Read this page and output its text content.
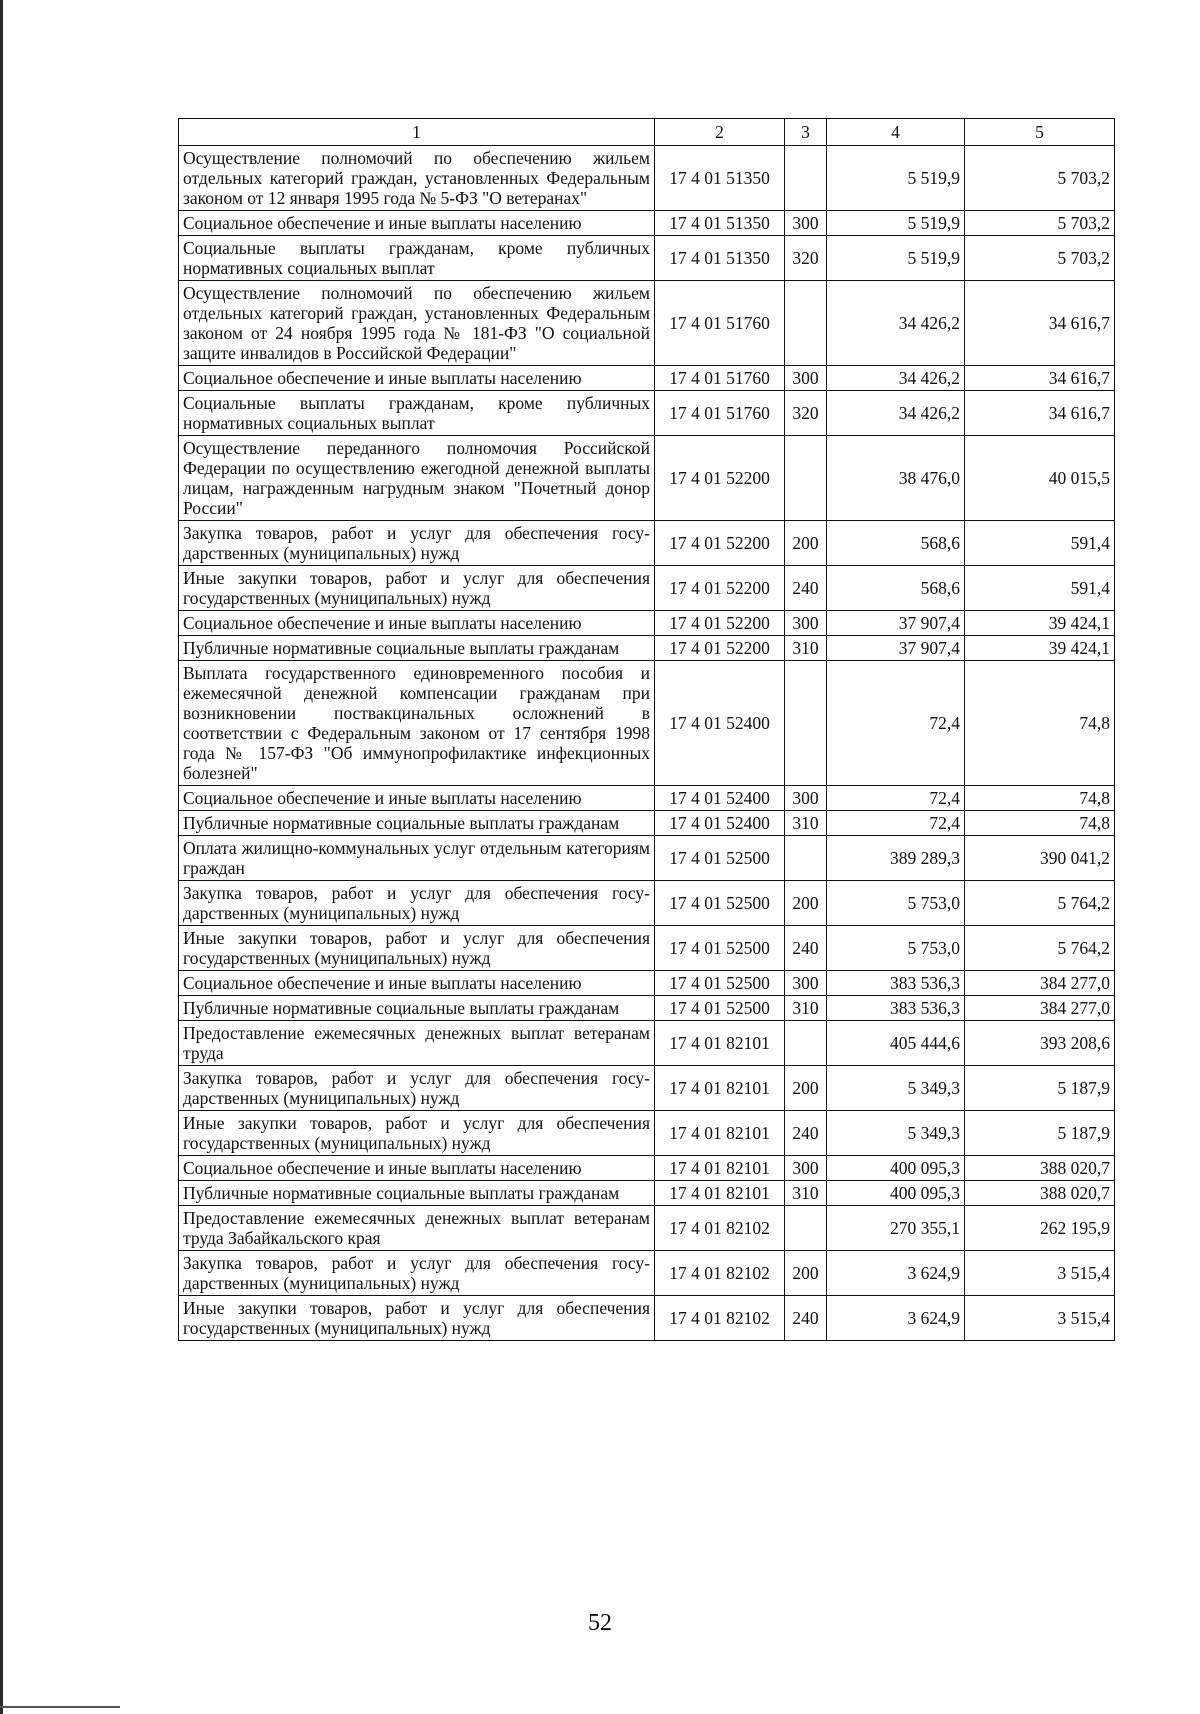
1	2	3	4	5
Осуществление полномочий по обеспечению жильем отдельных категорий граждан, установленных Федеральным законом от 12 января 1995 года № 5-ФЗ "О ветеранах"	17 4 01 51350		5 519,9	5 703,2
Социальное обеспечение и иные выплаты населению	17 4 01 51350	300	5 519,9	5 703,2
Социальные выплаты гражданам, кроме публичных нормативных социальных выплат	17 4 01 51350	320	5 519,9	5 703,2
Осуществление полномочий по обеспечению жильем отдельных категорий граждан, установленных Федеральным законом от 24 ноября 1995 года № 181-ФЗ "О социальной защите инвалидов в Российской Федерации"	17 4 01 51760		34 426,2	34 616,7
Социальное обеспечение и иные выплаты населению	17 4 01 51760	300	34 426,2	34 616,7
Социальные выплаты гражданам, кроме публичных нормативных социальных выплат	17 4 01 51760	320	34 426,2	34 616,7
Осуществление переданного полномочия Российской Федерации по осуществлению ежегодной денежной выплаты лицам, награжденным нагрудным знаком "Почетный донор России"	17 4 01 52200		38 476,0	40 015,5
Закупка товаров, работ и услуг для обеспечения государственных (муниципальных) нужд	17 4 01 52200	200	568,6	591,4
Иные закупки товаров, работ и услуг для обеспечения государственных (муниципальных) нужд	17 4 01 52200	240	568,6	591,4
Социальное обеспечение и иные выплаты населению	17 4 01 52200	300	37 907,4	39 424,1
Публичные нормативные социальные выплаты гражданам	17 4 01 52200	310	37 907,4	39 424,1
Выплата государственного единовременного пособия и ежемесячной денежной компенсации гражданам при возникновении поствакцинальных осложнений в соответствии с Федеральным законом от 17 сентября 1998 года № 157-ФЗ "Об иммунопрофилактике инфекционных болезней"	17 4 01 52400		72,4	74,8
Социальное обеспечение и иные выплаты населению	17 4 01 52400	300	72,4	74,8
Публичные нормативные социальные выплаты гражданам	17 4 01 52400	310	72,4	74,8
Оплата жилищно-коммунальных услуг отдельным категориям граждан	17 4 01 52500		389 289,3	390 041,2
Закупка товаров, работ и услуг для обеспечения государственных (муниципальных) нужд	17 4 01 52500	200	5 753,0	5 764,2
Иные закупки товаров, работ и услуг для обеспечения государственных (муниципальных) нужд	17 4 01 52500	240	5 753,0	5 764,2
Социальное обеспечение и иные выплаты населению	17 4 01 52500	300	383 536,3	384 277,0
Публичные нормативные социальные выплаты гражданам	17 4 01 52500	310	383 536,3	384 277,0
Предоставление ежемесячных денежных выплат ветеранам труда	17 4 01 82101		405 444,6	393 208,6
Закупка товаров, работ и услуг для обеспечения государственных (муниципальных) нужд	17 4 01 82101	200	5 349,3	5 187,9
Иные закупки товаров, работ и услуг для обеспечения государственных (муниципальных) нужд	17 4 01 82101	240	5 349,3	5 187,9
Социальное обеспечение и иные выплаты населению	17 4 01 82101	300	400 095,3	388 020,7
Публичные нормативные социальные выплаты гражданам	17 4 01 82101	310	400 095,3	388 020,7
Предоставление ежемесячных денежных выплат ветеранам труда Забайкальского края	17 4 01 82102		270 355,1	262 195,9
Закупка товаров, работ и услуг для обеспечения государственных (муниципальных) нужд	17 4 01 82102	200	3 624,9	3 515,4
Иные закупки товаров, работ и услуг для обеспечения государственных (муниципальных) нужд	17 4 01 82102	240	3 624,9	3 515,4
52
